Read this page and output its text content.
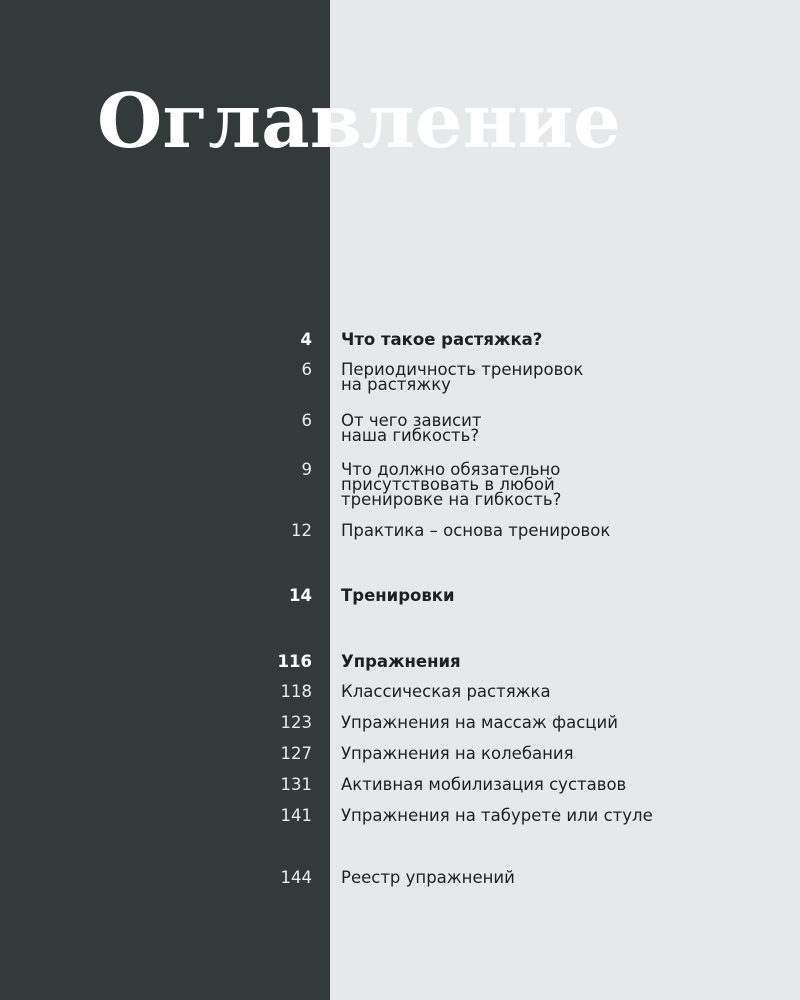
Оглавление
4 Что такое растяжка?
6 Периодичность тренировок
на растяжку
6 От чего зависит
наша гибкость?
9 Что должно обязательно
присутствовать в любой
тренировке на гибкость?
12 Практика – основа тренировок
14 Тренировки
116 Упражнения
118 Классическая растяжка
123 Упражнения на массаж фасций
127 Упражнения на колебания
131 Активная мобилизация суставов
141 Упражнения на табурете или стуле
144 Реестр упражнений
